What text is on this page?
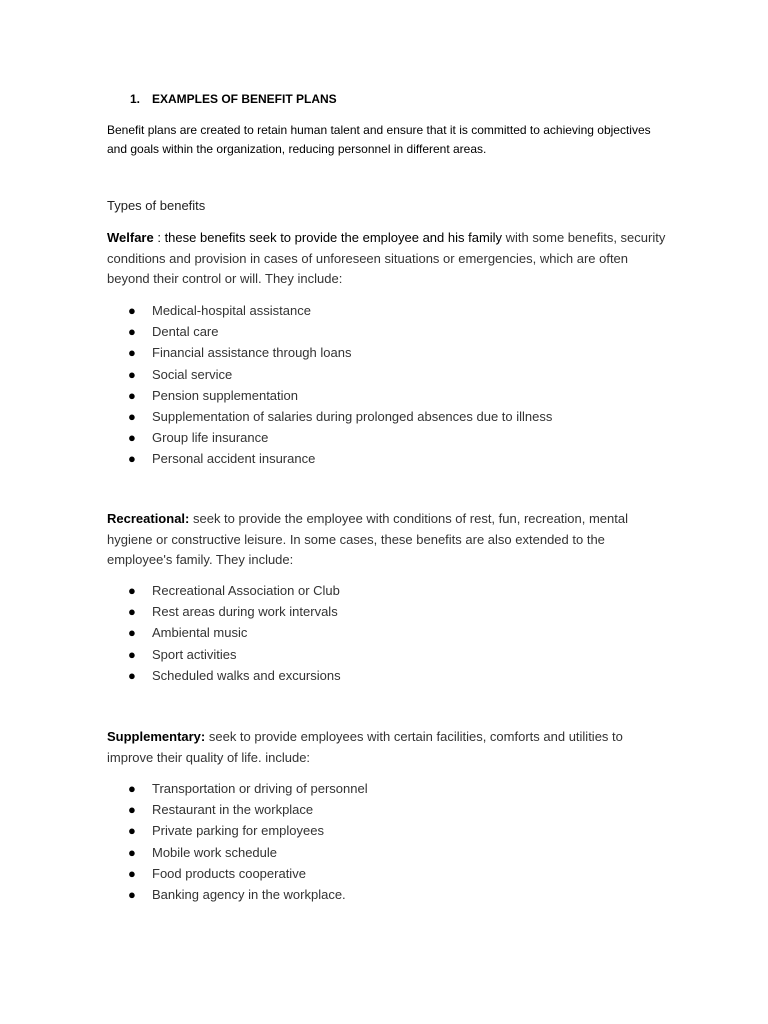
1. EXAMPLES OF BENEFIT PLANS
Benefit plans are created to retain human talent and ensure that it is committed to achieving objectives and goals within the organization, reducing personnel in different areas.
Types of benefits
Welfare : these benefits seek to provide the employee and his family with some benefits, security conditions and provision in cases of unforeseen situations or emergencies, which are often beyond their control or will. They include:
● Medical-hospital assistance
● Dental care
● Financial assistance through loans
● Social service
● Pension supplementation
● Supplementation of salaries during prolonged absences due to illness
● Group life insurance
● Personal accident insurance
Recreational: seek to provide the employee with conditions of rest, fun, recreation, mental hygiene or constructive leisure. In some cases, these benefits are also extended to the employee's family. They include:
● Recreational Association or Club
● Rest areas during work intervals
● Ambiental music
● Sport activities
● Scheduled walks and excursions
Supplementary: seek to provide employees with certain facilities, comforts and utilities to improve their quality of life. include:
● Transportation or driving of personnel
● Restaurant in the workplace
● Private parking for employees
● Mobile work schedule
● Food products cooperative
● Banking agency in the workplace.
